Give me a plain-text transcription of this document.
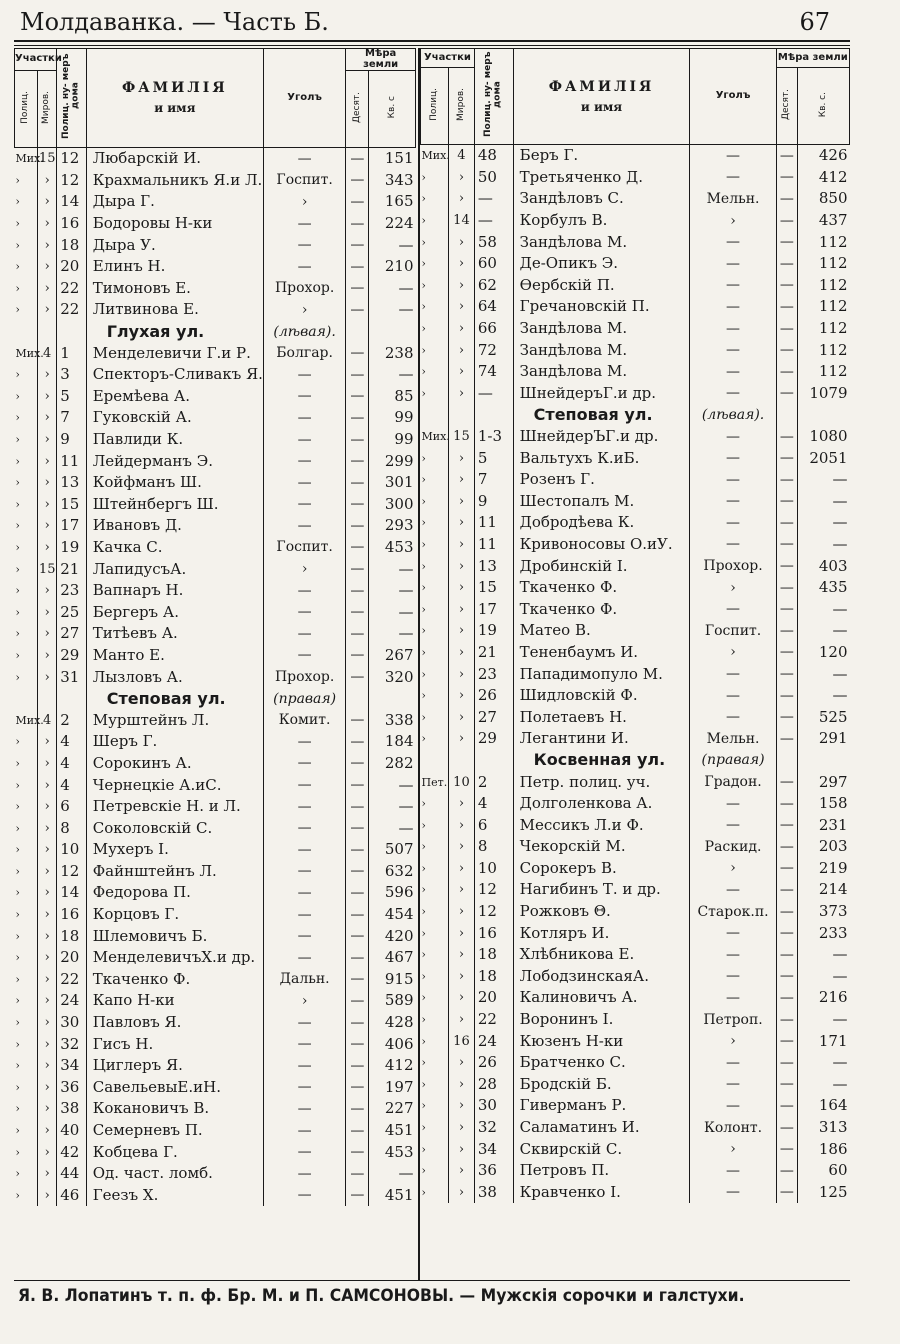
Молдаванка. — Часть Б.	67
Участки		Полиц. ну- меръ дома	ФАМИЛІЯ
и имя	Уголъ	Мѣра земли	
Полиц.	Миров.				Десят.	Кв. с
Мих.	15	12	Любарскій И.	—	—	151
›	›	12	Крахмальникъ Я.и Л.	Госпит.	—	343
›	›	14	Дыра Г.	›	—	165
›	›	16	Бодоровы Н-ки	—	—	224
›	›	18	Дыра У.	—	—	—
›	›	20	Елинъ Н.	—	—	210
›	›	22	Тимоновъ Е.	Прохор.	—	—
›	›	22	Литвинова Е.	›	—	—
			Глухая ул.	(лѣвая).		
Мих.	4	1	Менделевичи Г.и Р.	Болгар.	—	238
›	›	3	Спекторъ-Сливакъ Я.	—	—	—
›	›	5	Еремѣева А.	—	—	85
›	›	7	Гуковскій А.	—	—	99
›	›	9	Павлиди К.	—	—	99
›	›	11	Лейдерманъ Э.	—	—	299
›	›	13	Койфманъ Ш.	—	—	301
›	›	15	Штейнбергъ Ш.	—	—	300
›	›	17	Ивановъ Д.	—	—	293
›	›	19	Качка С.	Госпит.	—	453
›	15	21	ЛапидусъА.	›	—	—
›	›	23	Вапнаръ Н.	—	—	—
›	›	25	Бергеръ А.	—	—	—
›	›	27	Титѣевъ А.	—	—	—
›	›	29	Манто Е.	—	—	267
›	›	31	Лызловъ А.	Прохор.	—	320
			Степовая ул.	(правая)		
Мих.	4	2	Мурштейнъ Л.	Комит.	—	338
›	›	4	Шеръ Г.	—	—	184
›	›	4	Сорокинъ А.	—	—	282
›	›	4	Чернецкіе А.иС.	—	—	—
›	›	6	Петревскіе Н. и Л.	—	—	—
›	›	8	Соколовскій С.	—	—	—
›	›	10	Мухеръ І.	—	—	507
›	›	12	Файнштейнъ Л.	—	—	632
›	›	14	Федорова П.	—	—	596
›	›	16	Корцовъ Г.	—	—	454
›	›	18	Шлемовичъ Б.	—	—	420
›	›	20	МенделевичъХ.и др.	—	—	467
›	›	22	Ткаченко Ф.	Дальн.	—	915
›	›	24	Капо Н-ки	›	—	589
›	›	30	Павловъ Я.	—	—	428
›	›	32	Гисъ Н.	—	—	406
›	›	34	Циглеръ Я.	—	—	412
›	›	36	СавельевыЕ.иН.	—	—	197
›	›	38	Кокановичъ В.	—	—	227
›	›	40	Семерневъ П.	—	—	451
›	›	42	Кобцева Г.	—	—	453
›	›	44	Од. част. ломб.	—	—	—
›	›	46	Геезъ Х.	—	—	451
Участки		Полиц. ну- меръ дома	ФАМИЛІЯ
и имя	Уголъ	Мѣра земли	
Полиц.	Миров.				Десят.	Кв. с.
Мих.	4	48	Беръ Г.	—	—	426
›	›	50	Третьяченко Д.	—	—	412
›	›	—	Зандѣловъ С.	Мельн.	—	850
›	14	—	Корбулъ В.	›	—	437
›	›	58	Зандѣлова М.	—	—	112
›	›	60	Де-Опикъ Э.	—	—	112
›	›	62	Өербскій П.	—	—	112
›	›	64	Гречановскій П.	—	—	112
›	›	66	Зандѣлова М.	—	—	112
›	›	72	Зандѣлова М.	—	—	112
›	›	74	Зандѣлова М.	—	—	112
›	›	—	ШнейдеръГ.и др.	—	—	1079
			Степовая ул.	(лѣвая).		
Мих.	15	1-3	ШнейдерЪГ.и др.	—	—	1080
›	›	5	Вальтухъ К.иБ.	—	—	2051
›	›	7	Розенъ Г.	—	—	—
›	›	9	Шестопалъ М.	—	—	—
›	›	11	Добродѣева К.	—	—	—
›	›	11	Кривоносовы О.иУ.	—	—	—
›	›	13	Дробинскій І.	Прохор.	—	403
›	›	15	Ткаченко Ф.	›	—	435
›	›	17	Ткаченко Ф.	—	—	—
›	›	19	Матео В.	Госпит.	—	—
›	›	21	Тененбаумъ И.	›	—	120
›	›	23	Пападимопуло М.	—	—	—
›	›	26	Шидловскій Ф.	—	—	—
›	›	27	Полетаевъ Н.	—	—	525
›	›	29	Легантини И.	Мельн.	—	291
			Косвенная ул.	(правая)		
Пет.	10	2	Петр. полиц. уч.	Градон.	—	297
›	›	4	Долголенкова А.	—	—	158
›	›	6	Мессикъ Л.и Ф.	—	—	231
›	›	8	Чекорскій М.	Раскид.	—	203
›	›	10	Сорокеръ В.	›	—	219
›	›	12	Нагибинъ Т. и др.	—	—	214
›	›	12	Рожковъ Θ.	Старок.п.	—	373
›	›	16	Котляръ И.	—	—	233
›	›	18	Хлѣбникова Е.	—	—	—
›	›	18	ЛободзинскаяА.	—	—	—
›	›	20	Калиновичъ А.	—	—	216
›	›	22	Воронинъ І.	Петроп.	—	—
›	16	24	Кюзенъ Н-ки	›	—	171
›	›	26	Братченко С.	—	—	—
›	›	28	Бродскій Б.	—	—	—
›	›	30	Гиверманъ Р.	—	—	164
›	›	32	Саламатинъ И.	Колонт.	—	313
›	›	34	Сквирскій С.	›	—	186
›	›	36	Петровъ П.	—	—	60
›	›	38	Кравченко І.	—	—	125
Я. В. Лопатинъ т. п. ф. Бр. М. и П. САМСОНОВЫ. — Мужскія сорочки и галстухи.
